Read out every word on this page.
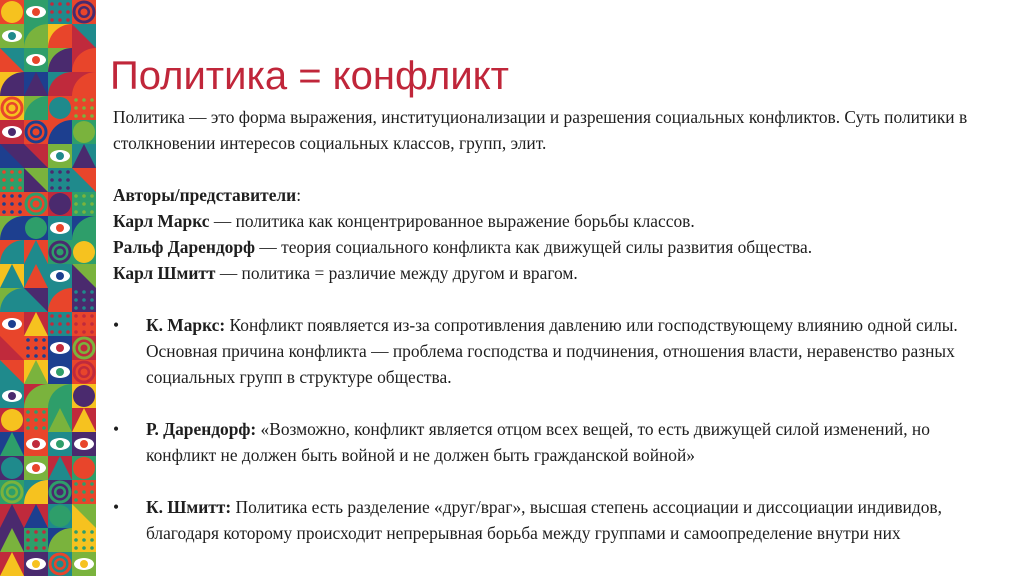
Политика = конфликт

Политика — это форма выражения, институционализации и разрешения социальных конфликтов. Суть политики в столкновении интересов социальных классов, групп, элит.

Авторы/представители:

Карл Маркс — политика как концентрированное выражение борьбы классов.

Ральф Дарендорф — теория социального конфликта как движущей силы развития общества.

Карл Шмитт — политика = различие между другом и врагом.

• К. Маркс: Конфликт появляется из-за сопротивления давлению или господствующему влиянию одной силы. Основная причина конфликта — проблема господства и подчинения, отношения власти, неравенство разных социальных групп в структуре общества.
• Р. Дарендорф: «Возможно, конфликт является отцом всех вещей, то есть движущей силой изменений, но конфликт не должен быть войной и не должен быть гражданской войной»
• К. Шмитт: Политика есть разделение «друг/враг», высшая степень ассоциации и диссоциации индивидов, благодаря которому происходит непрерывная борьба между группами и самоопределение внутри них
